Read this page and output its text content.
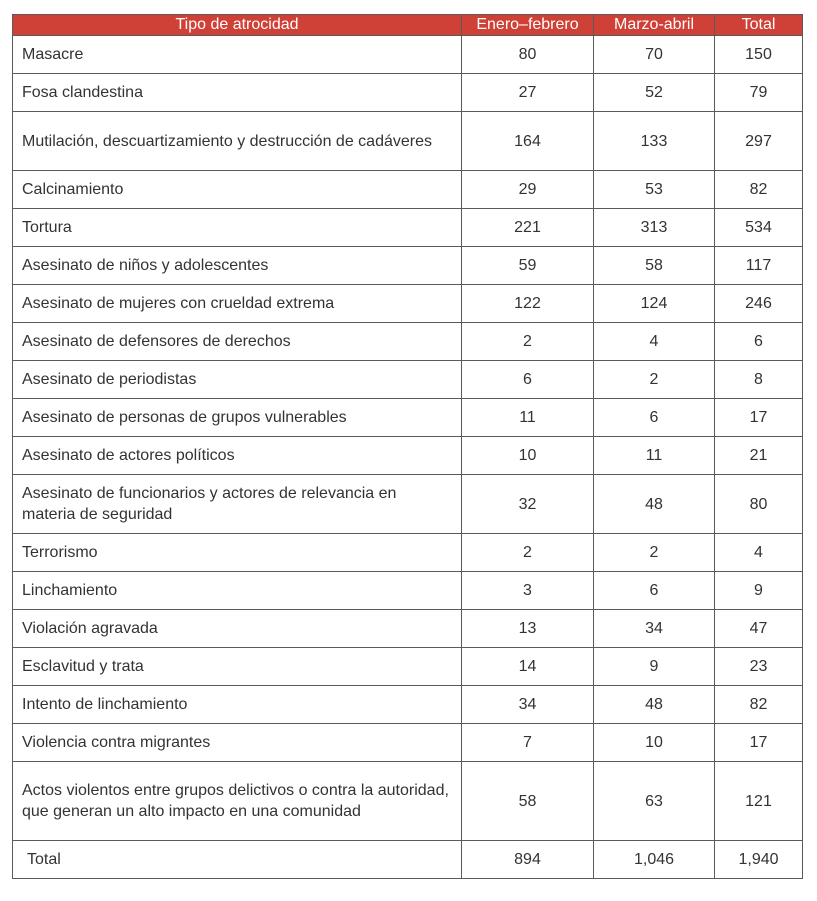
Tipo de atrocidad	Enero–febrero	Marzo-abril	Total
Masacre	80	70	150
Fosa clandestina	27	52	79
Mutilación, descuartizamiento y destrucción de cadáveres	164	133	297
Calcinamiento	29	53	82
Tortura	221	313	534
Asesinato de niños y adolescentes	59	58	117
Asesinato de mujeres con crueldad extrema	122	124	246
Asesinato de defensores de derechos	2	4	6
Asesinato de periodistas	6	2	8
Asesinato de personas de grupos vulnerables	11	6	17
Asesinato de actores políticos	10	11	21
Asesinato de funcionarios y actores de relevancia en materia de seguridad	32	48	80
Terrorismo	2	2	4
Linchamiento	3	6	9
Violación agravada	13	34	47
Esclavitud y trata	14	9	23
Intento de linchamiento	34	48	82
Violencia contra migrantes	7	10	17
Actos violentos entre grupos delictivos o contra la autoridad, que generan un alto impacto en una comunidad	58	63	121
Total	894	1,046	1,940
